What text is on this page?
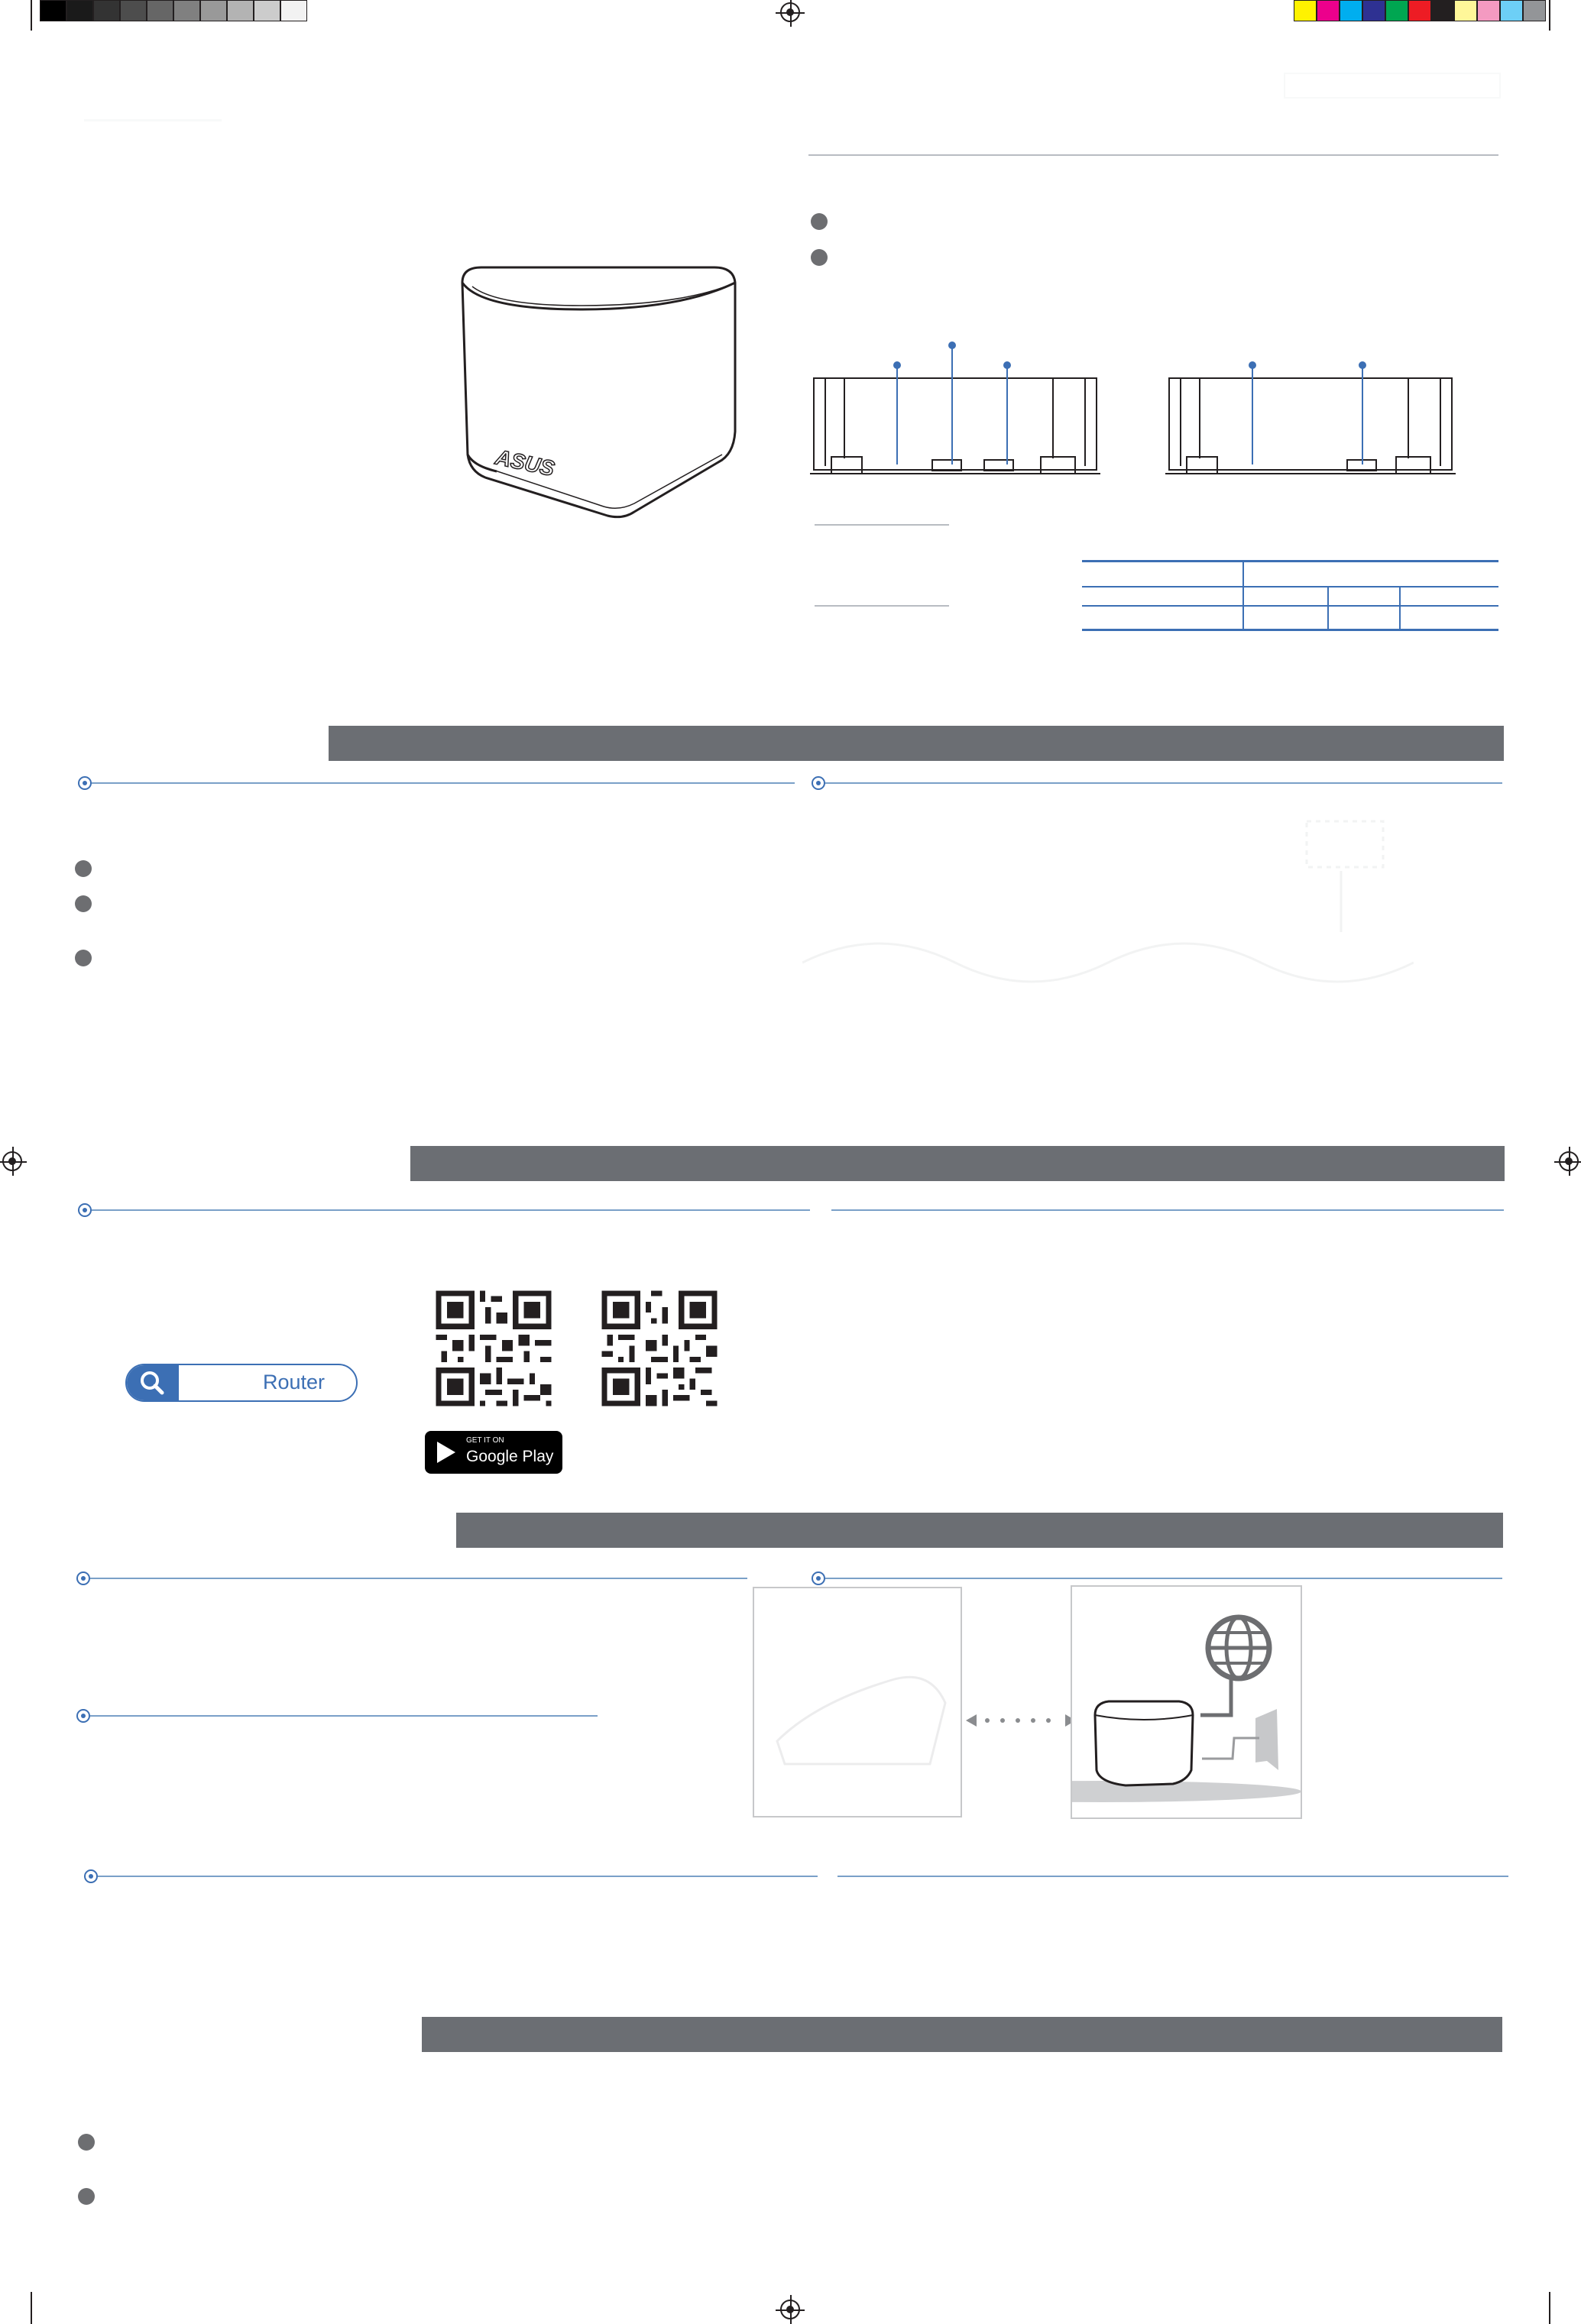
ASUS
Router
GET IT ON
Google Play
